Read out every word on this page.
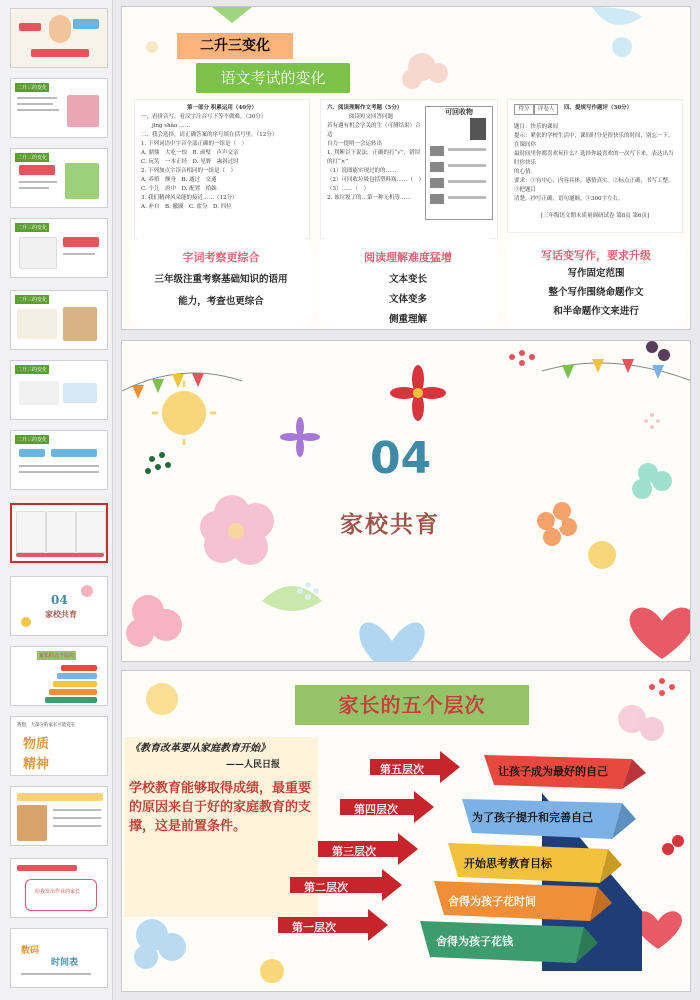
二升三的变化
二升三的变化
二升三的变化
二升三的变化
二升三的变化
二升三的变化
04
家校共育
家长的五个层次
我想，大部分的家长可能花在
物质
精神
给我发出作业的家长
数码
时间表
二升三变化
语文考试的变化
第一部分 积累运用（40分）
一、看拼音写，看汉字注音写下等不做难。（30分）
　　jīnɡ shǎo ……
二、我会选择，请正确答案的序号填在括号里。（12分）
1. 下列词语中字音全部正确的一组是（　）
A. 鼎鼎　大吃一惊　B. 顽璧　声声交亲
C. 玩笑　一本正经　D. 见野　蛊斜过时
2. 下列加点字读音相同的一组是（　）
A. 养殖　颤身　B. 通过　交通
C. 个儿　唐中　D. 配置　拾妹
3. 我们精神风采能的接近……（12分）
A. 补自　B. 撤颢　C. 盐分　D. 四位
六、阅读理解作文考题（5分）
阅读短文回答问题
若有遇有机会学关的生（可测结果）合适
自力一提明一会运转出
1. 判断以下说法，正确的打“√”，错误的打“×”
（1）说图能实现过的的……
（2）可回收垃圾包括塑料瓶……（　）
（3）……（　）
2. 该垃圾了的…第一种无机等……
可回收物	得分	评卷人	四、提规写作题评（30分）
题目：快乐的课间
提示：紧张的学校生活中，课间时分是很快乐的时间，别忘一下，在课间你
最时间里你都喜欢玩什么？选择你最喜欢的一次写下来，表达出当时你快乐
的心情。
要求：①有中心，内容具体，感情真实。②标点正确，书写工整。③把题目
清楚，抄写正确，语句通顺，③300字左右。
[三年级语文期末质量调研试卷 第8页 第6页]
字词考察更综合
三年级注重考察基础知识的语用
能力，考查也更综合
阅读理解难度猛增
文本变长
文体变多
侧重理解
写话变写作，要求升级
写作固定范围
整个写作围绕命题作文
和半命题作文来进行
04
家校共育
家长的五个层次
《教育改革要从家庭教育开始》
——人民日报
学校教育能够取得成绩，最重要的原因来自于好的家庭教育的支撑，这是前置条件。
第五层次
第四层次
第三层次
第二层次
第一层次
让孩子成为最好的自己
为了孩子提升和完善自己
开始思考教育目标
舍得为孩子花时间
舍得为孩子花钱
